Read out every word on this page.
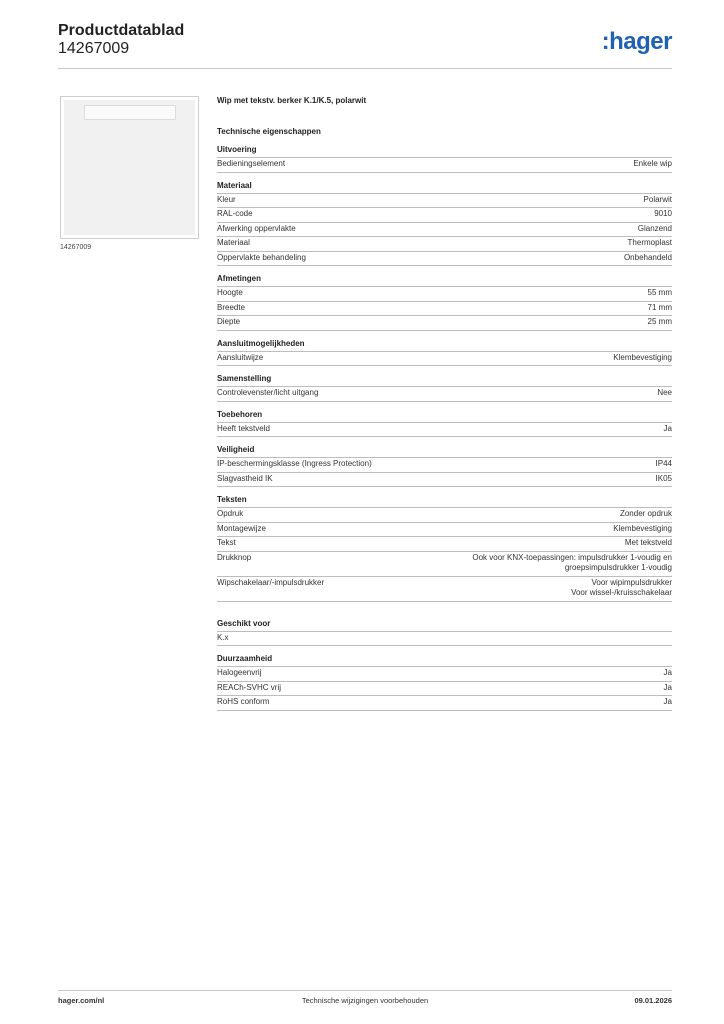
Productdatablad
14267009	:hager
14267009
Wip met tekstv. berker K.1/K.5, polarwit
Technische eigenschappen
Uitvoering
Bedieningselement	Enkele wip
Materiaal
Kleur	Polarwit
RAL-code	9010
Afwerking oppervlakte	Glanzend
Materiaal	Thermoplast
Oppervlakte behandeling	Onbehandeld
Afmetingen
Hoogte	55 mm
Breedte	71 mm
Diepte	25 mm
Aansluitmogelijkheden
Aansluitwijze	Klembevestiging
Samenstelling
Controlevenster/licht uitgang	Nee
Toebehoren
Heeft tekstveld	Ja
Veiligheid
IP-beschermingsklasse (Ingress Protection)	IP44
Slagvastheid IK	IK05
Teksten
Opdruk	Zonder opdruk
Montagewijze	Klembevestiging
Tekst	Met tekstveld
Drukknop	Ook voor KNX-toepassingen: impulsdrukker 1-voudig en
groepsimpulsdrukker 1-voudig
Wipschakelaar/-impulsdrukker	Voor wipimpulsdrukker
Voor wissel-/kruisschakelaar
Geschikt voor
K.x
Duurzaamheid
Halogeenvrij	Ja
REACh-SVHC vrij	Ja
RoHS conform	Ja
hager.com/nl	Technische wijzigingen voorbehouden	09.01.2026
